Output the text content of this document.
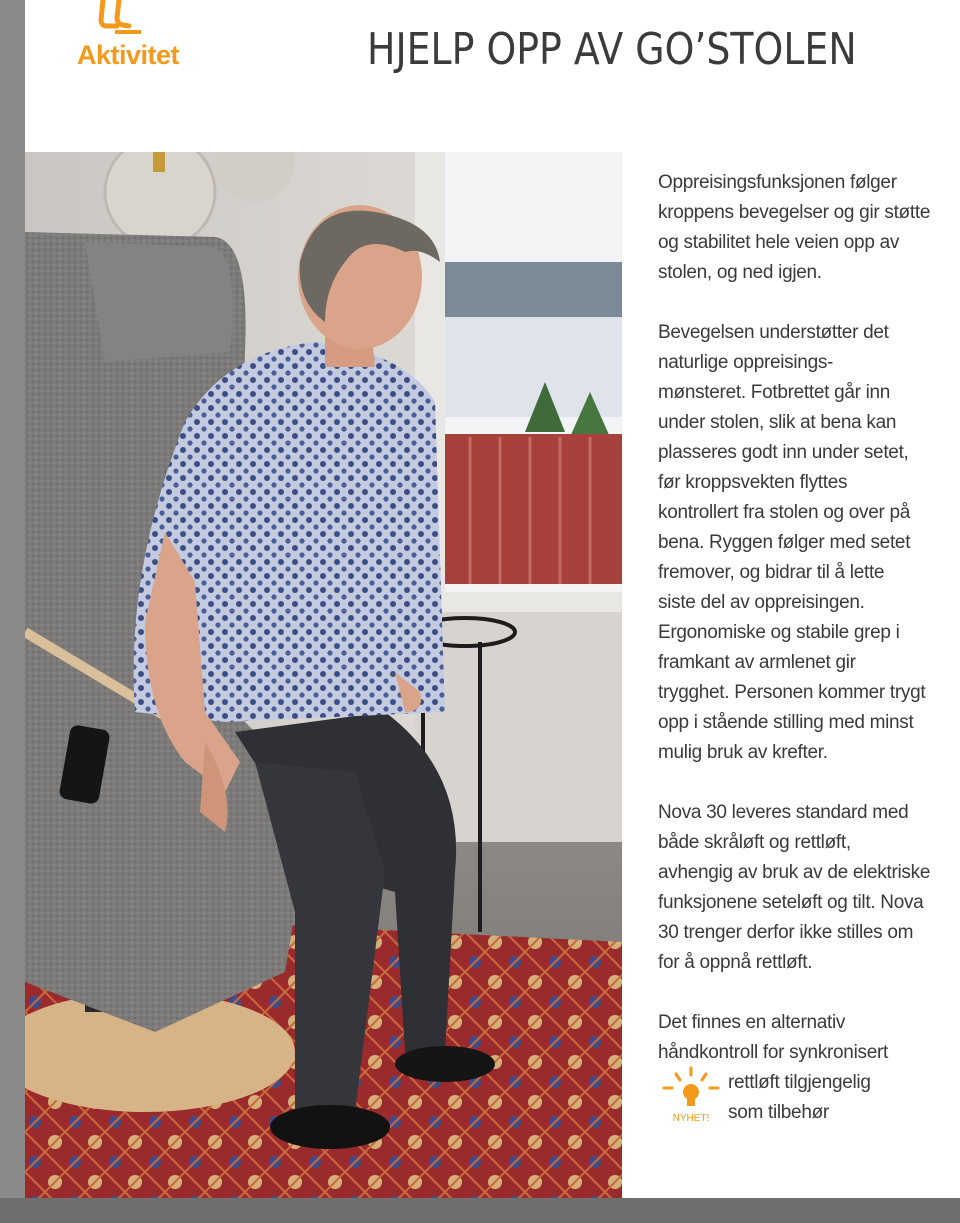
Aktivitet	HJELP OPP AV GO’STOLEN

Oppreisingsfunksjonen følger
kroppens bevegelser og gir støtte
og stabilitet hele veien opp av
stolen, og ned igjen.

Bevegelsen understøtter det
naturlige oppreisings-
mønsteret. Fotbrettet går inn
under stolen, slik at bena kan
plasseres godt inn under setet,
før kroppsvekten flyttes
kontrollert fra stolen og over på
bena. Ryggen følger med setet
fremover, og bidrar til å lette
siste del av oppreisingen.
Ergonomiske og stabile grep i
framkant av armlenet gir
trygghet. Personen kommer trygt
opp i stående stilling med minst
mulig bruk av krefter.

Nova 30 leveres standard med
både skråløft og rettløft,
avhengig av bruk av de elektriske
funksjonene seteløft og tilt. Nova
30 trenger derfor ikke stilles om
for å oppnå rettløft.

Det finnes en alternativ
håndkontroll for synkronisert
rettløft tilgjengelig
som tilbehør
NYHET!
